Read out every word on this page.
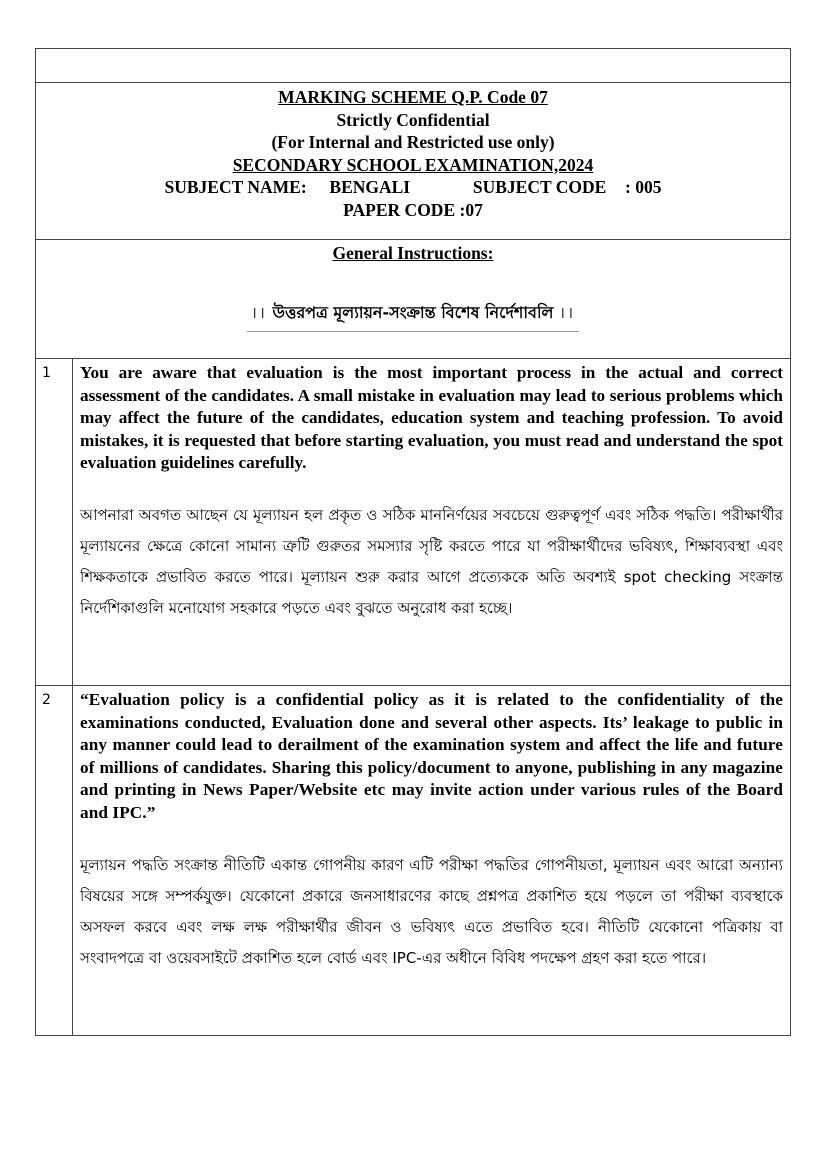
MARKING SCHEME Q.P. Code 07
Strictly Confidential
(For Internal and Restricted use only)
SECONDARY SCHOOL EXAMINATION,2024
SUBJECT NAME: BENGALI	SUBJECT CODE : 005
PAPER CODE :07
General Instructions:
।। উত্তরপত্র মূল্যায়ন-সংক্রান্ত বিশেষ নির্দেশাবলি ।।
1	You are aware that evaluation is the most important process in the actual and correct assessment of the candidates. A small mistake in evaluation may lead to serious problems which may affect the future of the candidates, education system and teaching profession. To avoid mistakes, it is requested that before starting evaluation, you must read and understand the spot evaluation guidelines carefully.

আপনারা অবগত আছেন যে মূল্যায়ন হল প্রকৃত ও সঠিক মাননির্ণয়ের সবচেয়ে গুরুত্বপূর্ণ এবং সঠিক পদ্ধতি। পরীক্ষার্থীর মূল্যায়নের ক্ষেত্রে কোনো সামান্য ত্রুটি গুরুতর সমস্যার সৃষ্টি করতে পারে যা পরীক্ষার্থীদের ভবিষ্যৎ, শিক্ষাব্যবস্থা এবং শিক্ষকতাকে প্রভাবিত করতে পারে। মূল্যায়ন শুরু করার আগে প্রত্যেককে অতি অবশ্যই spot checking সংক্রান্ত নির্দেশিকাগুলি মনোযোগ সহকারে পড়তে এবং বুঝতে অনুরোধ করা হচ্ছে।

2	“Evaluation policy is a confidential policy as it is related to the confidentiality of the examinations conducted, Evaluation done and several other aspects. Its’ leakage to public in any manner could lead to derailment of the examination system and affect the life and future of millions of candidates. Sharing this policy/document to anyone, publishing in any magazine and printing in News Paper/Website etc may invite action under various rules of the Board and IPC.”

মূল্যায়ন পদ্ধতি সংক্রান্ত নীতিটি একান্ত গোপনীয় কারণ এটি পরীক্ষা পদ্ধতির গোপনীয়তা, মূল্যায়ন এবং আরো অন্যান্য বিষয়ের সঙ্গে সম্পর্কযুক্ত। যেকোনো প্রকারে জনসাধারণের কাছে প্রশ্নপত্র প্রকাশিত হয়ে পড়লে তা পরীক্ষা ব্যবস্থাকে অসফল করবে এবং লক্ষ লক্ষ পরীক্ষার্থীর জীবন ও ভবিষ্যৎ এতে প্রভাবিত হবে। নীতিটি যেকোনো পত্রিকায় বা সংবাদপত্রে বা ওয়েবসাইটে প্রকাশিত হলে বোর্ড এবং IPC-এর অধীনে বিবিধ পদক্ষেপ গ্রহণ করা হতে পারে।
